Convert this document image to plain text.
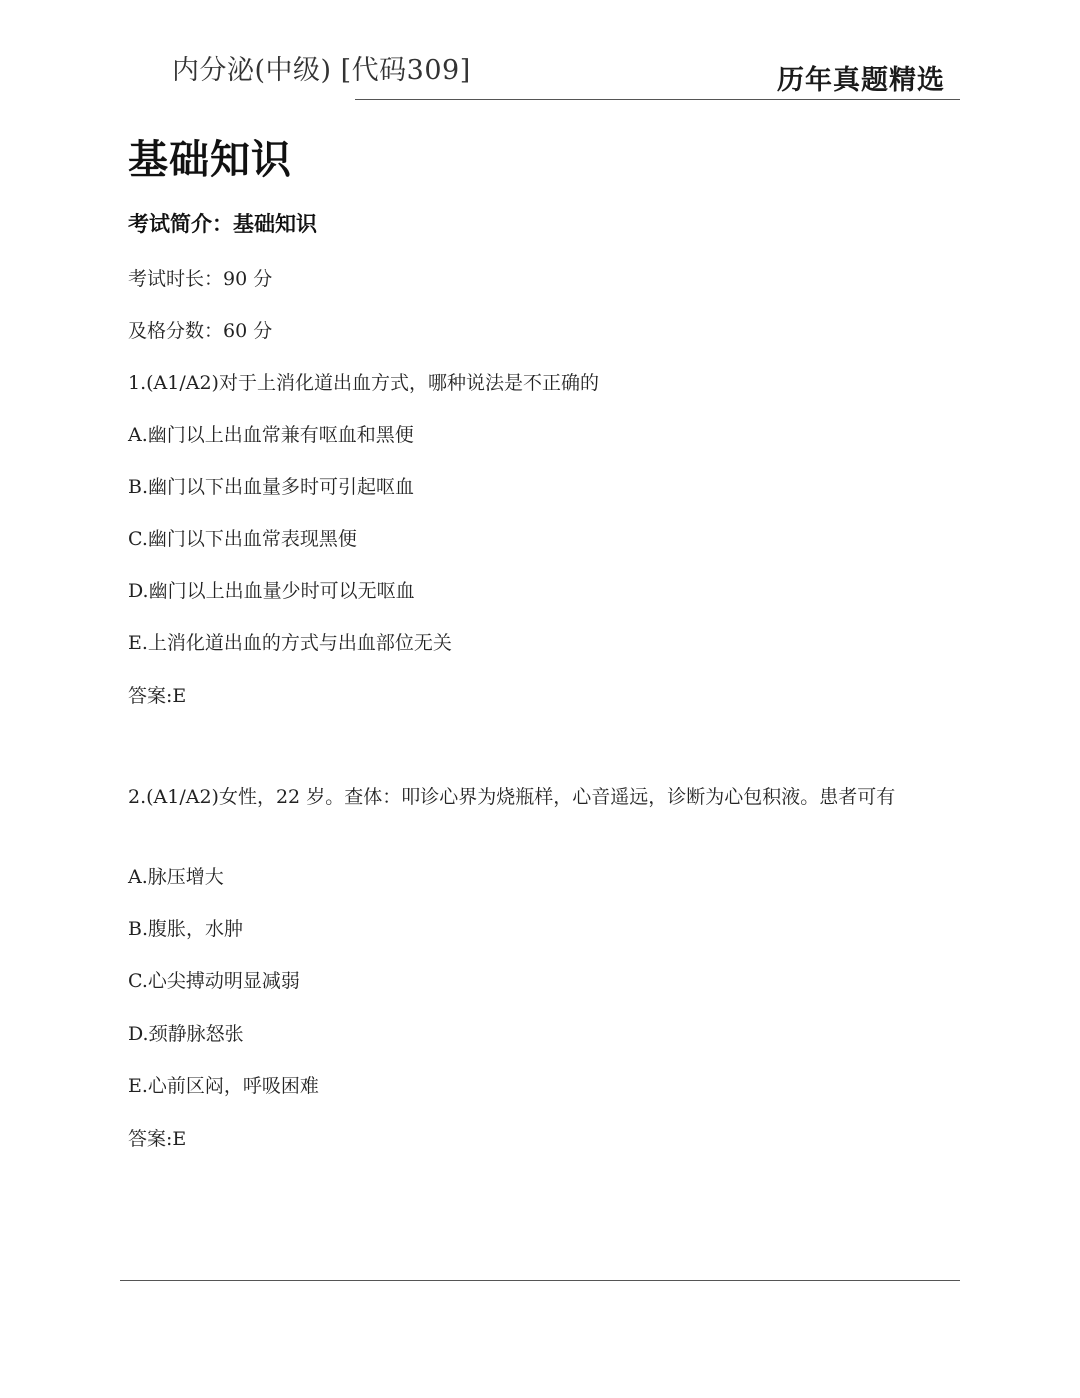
内分泌(中级) [代码309]	历年真题精选
基础知识
考试简介：基础知识
考试时长：90 分
及格分数：60 分
1.(A1/A2)对于上消化道出血方式，哪种说法是不正确的
A.幽门以上出血常兼有呕血和黑便
B.幽门以下出血量多时可引起呕血
C.幽门以下出血常表现黑便
D.幽门以上出血量少时可以无呕血
E.上消化道出血的方式与出血部位无关
答案:E
2.(A1/A2)女性，22 岁。查体：叩诊心界为烧瓶样，心音遥远，诊断为心包积液。患者可有
A.脉压增大
B.腹胀，水肿
C.心尖搏动明显减弱
D.颈静脉怒张
E.心前区闷，呼吸困难
答案:E
